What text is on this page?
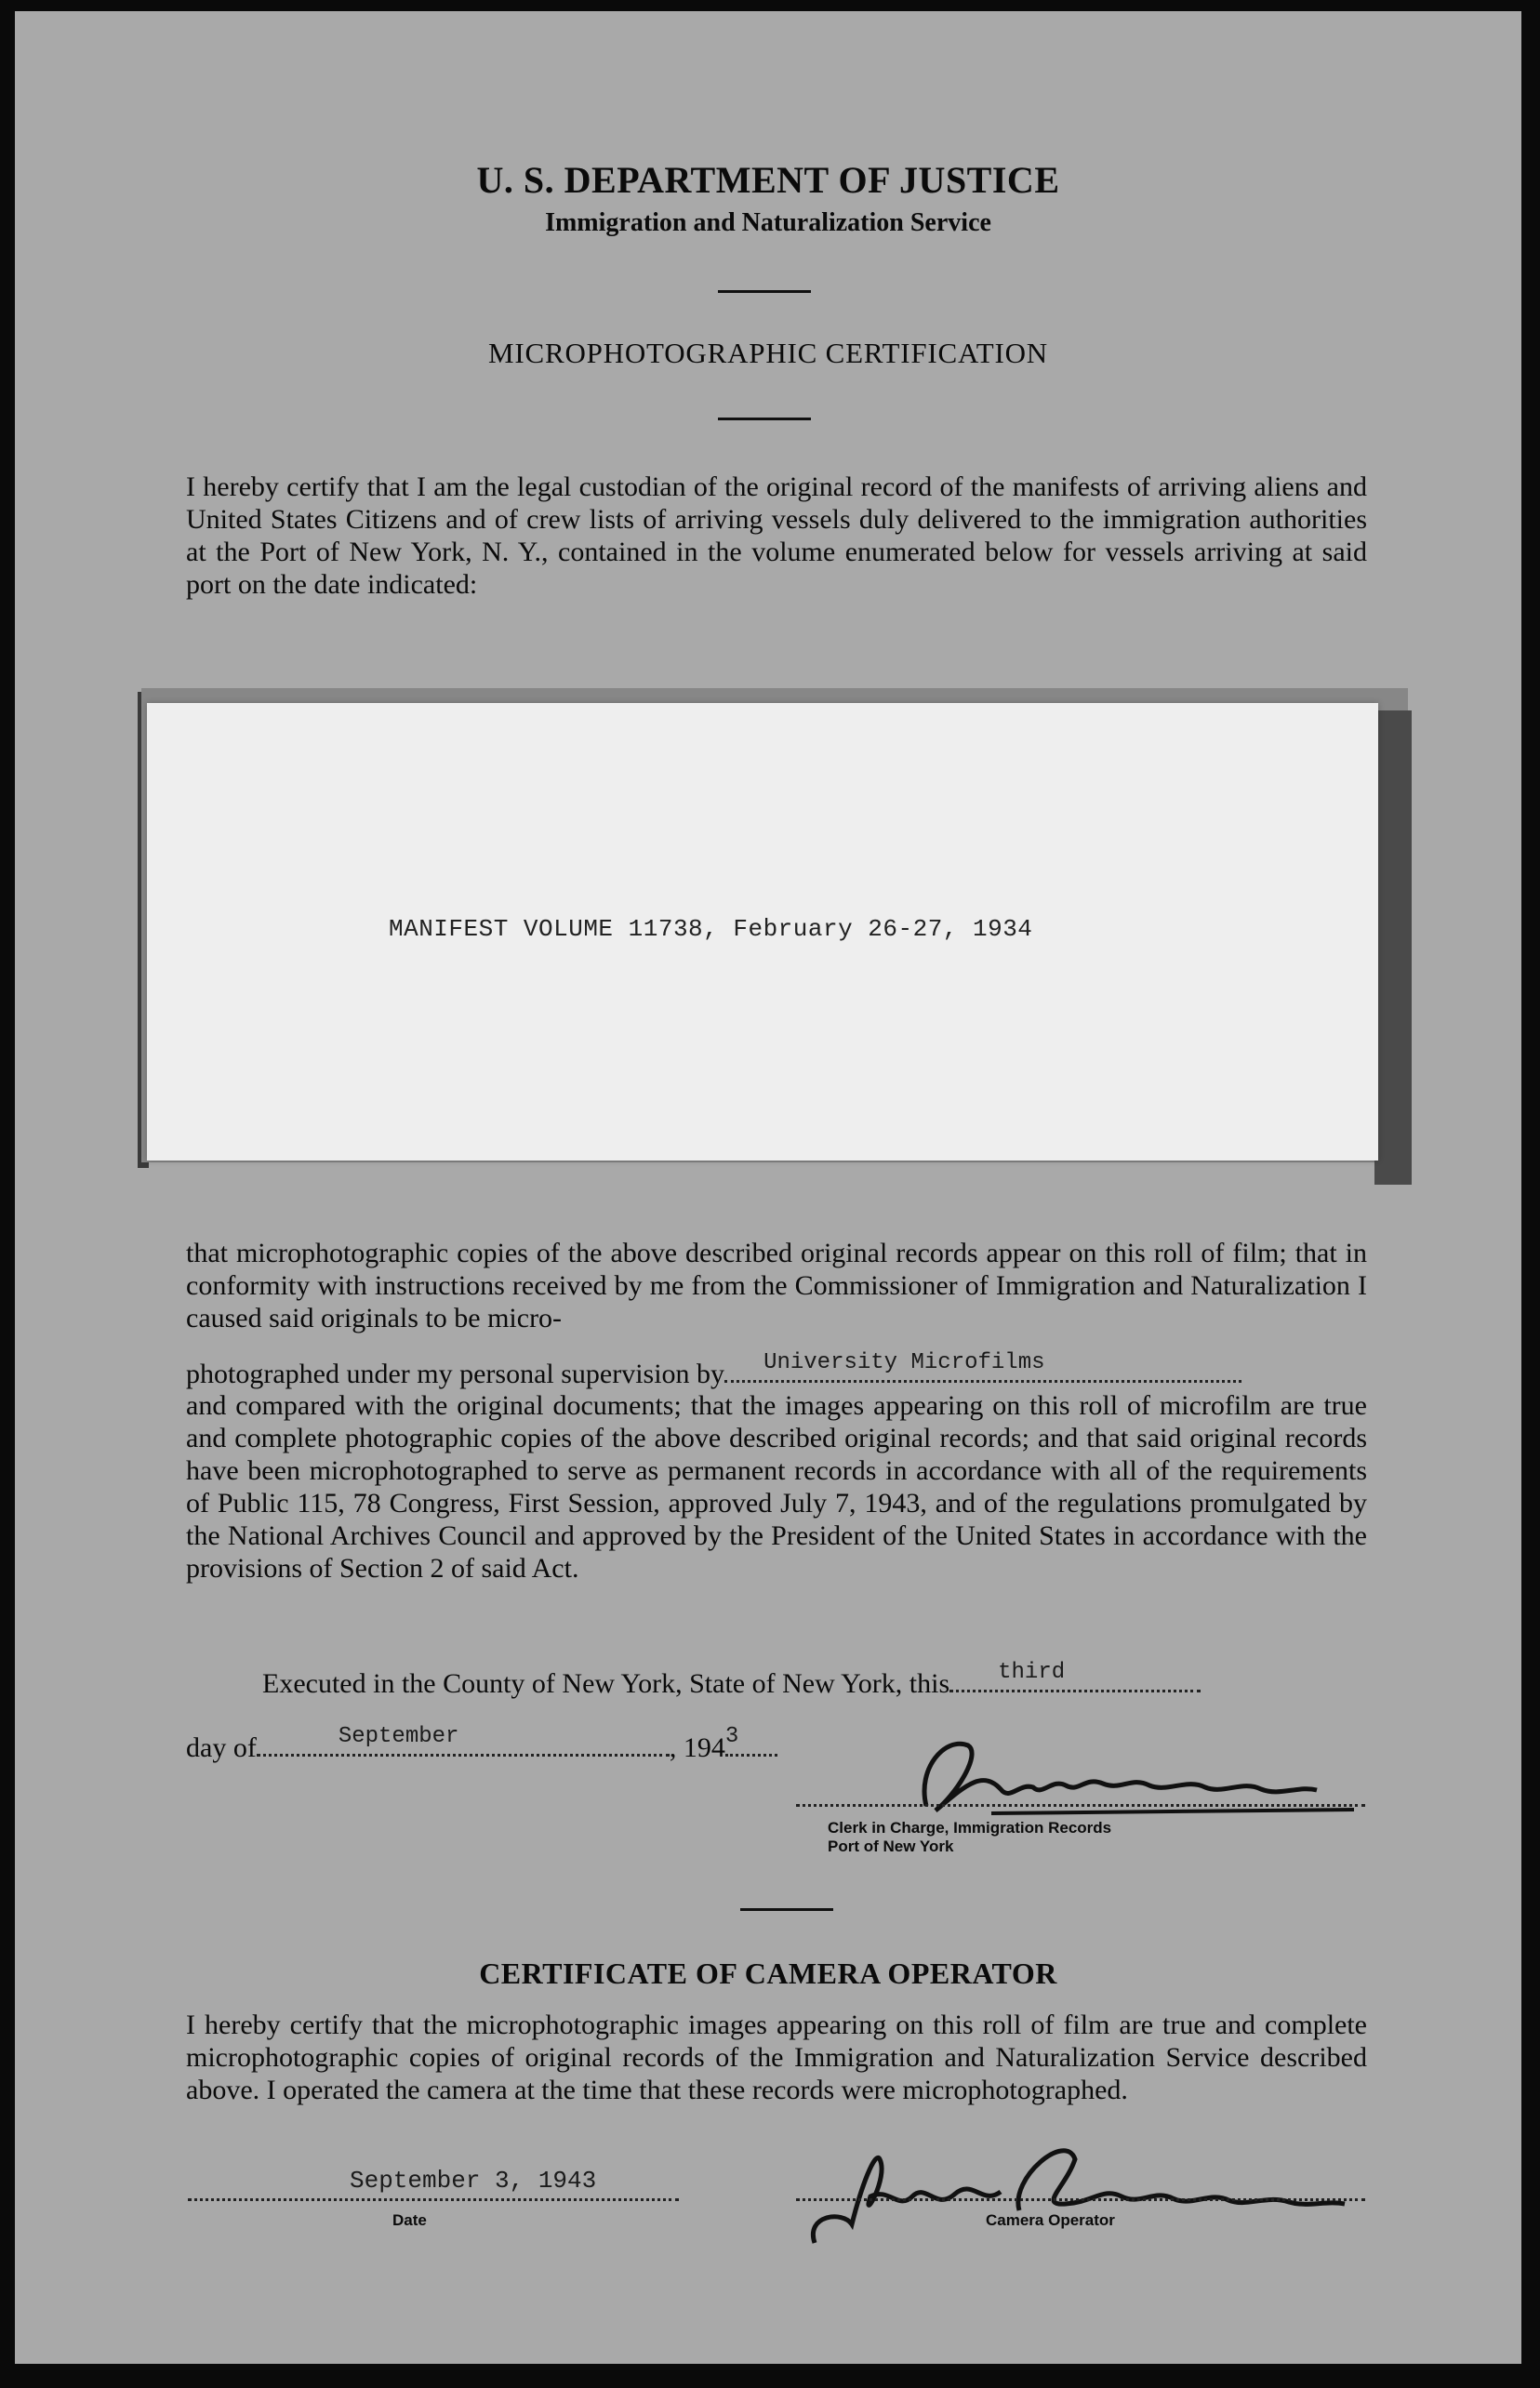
U. S. DEPARTMENT OF JUSTICE
Immigration and Naturalization Service
MICROPHOTOGRAPHIC CERTIFICATION
I hereby certify that I am the legal custodian of the original record of the manifests of arriving aliens and United States Citizens and of crew lists of arriving vessels duly delivered to the immigration authorities at the Port of New York, N. Y., contained in the volume enumerated below for vessels arriving at said port on the date indicated:
MANIFEST VOLUME 11738, February 26-27, 1934
that microphotographic copies of the above described original records appear on this roll of film; that in conformity with instructions received by me from the Commissioner of Immigration and Naturalization I caused said originals to be micro-
photographed under my personal supervision by University Microfilms
and compared with the original documents; that the images appearing on this roll of microfilm are true and complete photographic copies of the above described original records; and that said original records have been microphotographed to serve as permanent records in accordance with all of the requirements of Public 115, 78 Congress, First Session, approved July 7, 1943, and of the regulations promulgated by the National Archives Council and approved by the President of the United States in accordance with the provisions of Section 2 of said Act.
Executed in the County of New York, State of New York, this third
day of	September	, 194 3
Clerk in Charge, Immigration Records
Port of New York
CERTIFICATE OF CAMERA OPERATOR
I hereby certify that the microphotographic images appearing on this roll of film are true and complete microphotographic copies of original records of the Immigration and Naturalization Service described above. I operated the camera at the time that these records were microphotographed.
September 3, 1943
Date	Camera Operator
